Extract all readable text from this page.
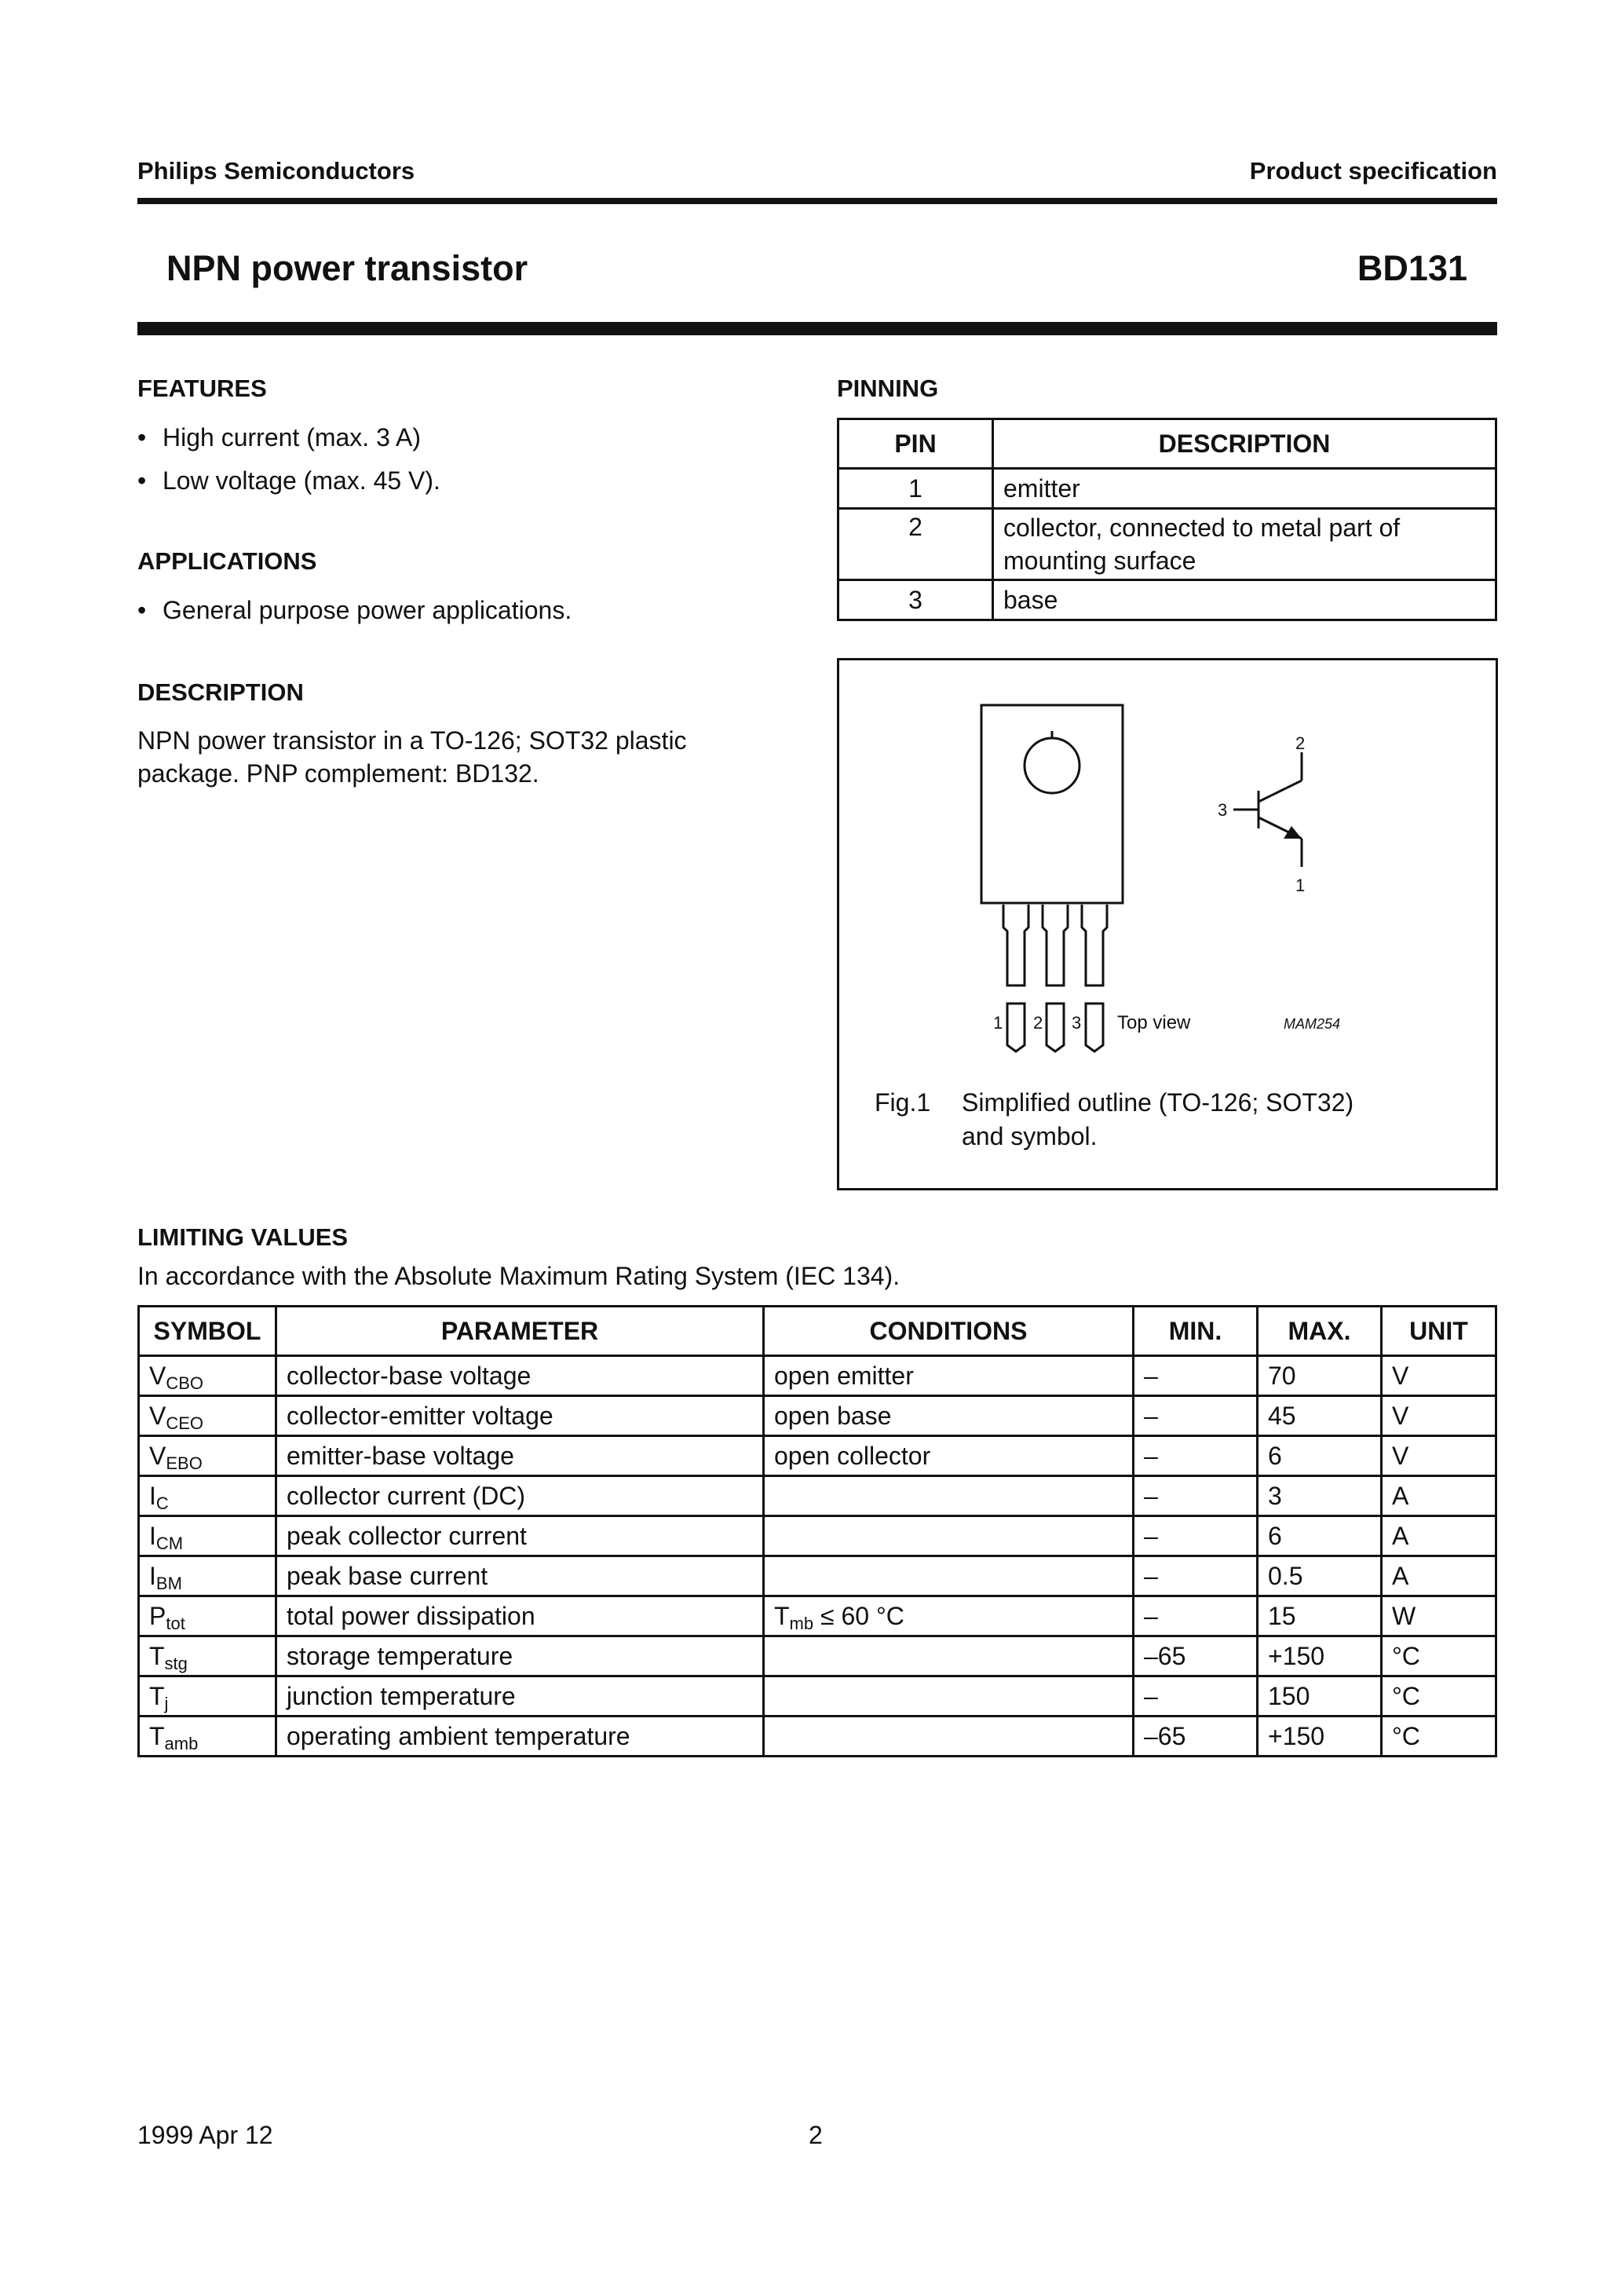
Philips Semiconductors	Product specification
NPN power transistor	BD131
FEATURES
• High current (max. 3 A)
• Low voltage (max. 45 V).
APPLICATIONS
• General purpose power applications.
DESCRIPTION
NPN power transistor in a TO-126; SOT32 plastic
package. PNP complement: BD132.
PINNING
PIN	DESCRIPTION
1	emitter
2	collector, connected to metal part of
mounting surface

3	base
1 2 3 Top view	MAM254
2
3
1
Fig.1 Simplified outline (TO-126; SOT32)
and symbol.
LIMITING VALUES
In accordance with the Absolute Maximum Rating System (IEC 134).
SYMBOL	PARAMETER	CONDITIONS	MIN.	MAX.	UNIT
$V_{CBO}$	collector-base voltage	open emitter	–	70	V
$V_{CEO}$	collector-emitter voltage	open base	–	45	V
$V_{EBO}$	emitter-base voltage	open collector	–	6	V
$I_C$	collector current (DC)		–	3	A
$I_{CM}$	peak collector current		–	6	A
$I_{BM}$	peak base current		–	0.5	A
$P_{tot}$	total power dissipation	$T_{mb} \le 60$ °C	–	15	W
$T_{stg}$	storage temperature		–65	+150	°C
$T_j$	junction temperature		–	150	°C
$T_{amb}$	operating ambient temperature		–65	+150	°C
1999 Apr 12	2
